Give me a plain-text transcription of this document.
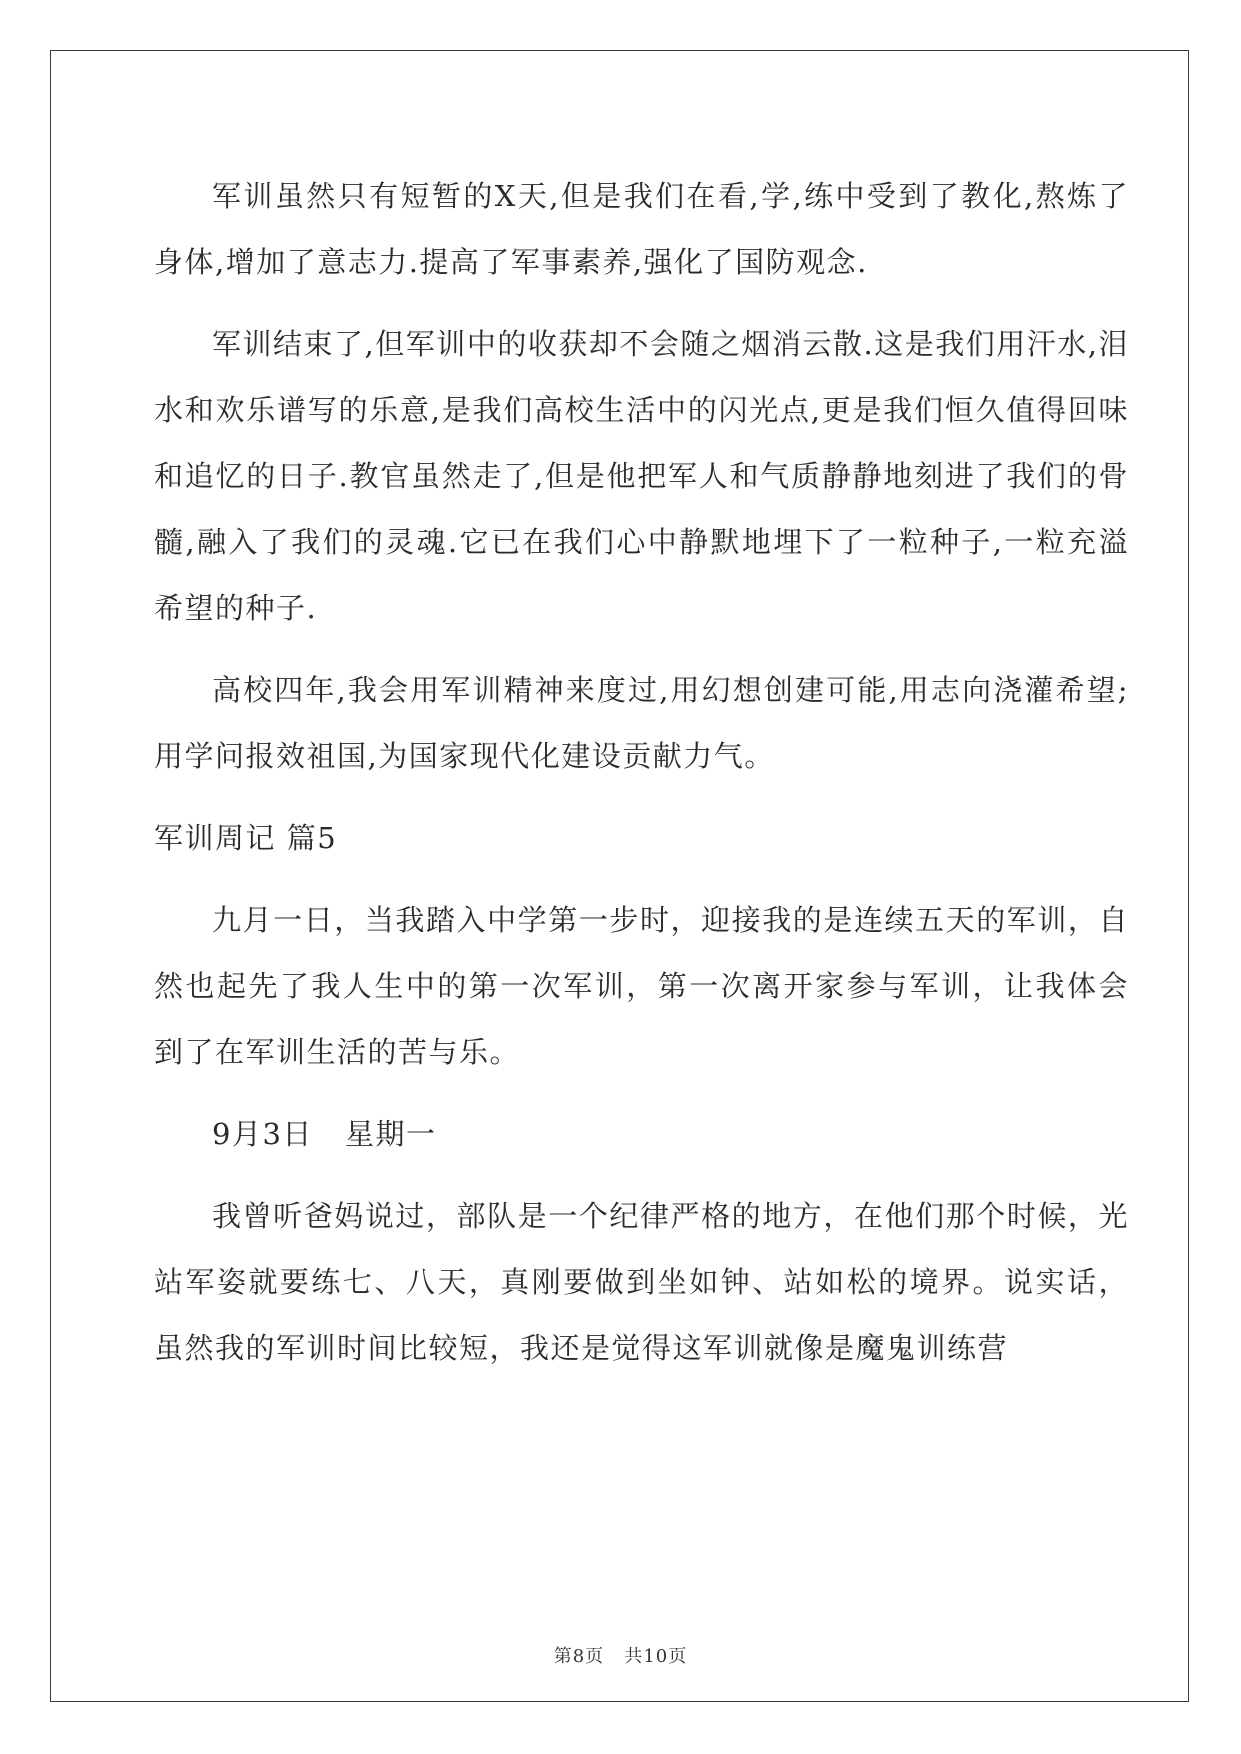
军训虽然只有短暂的X天,但是我们在看,学,练中受到了教化,熬炼了身体,增加了意志力.提高了军事素养,强化了国防观念.

军训结束了,但军训中的收获却不会随之烟消云散.这是我们用汗水,泪水和欢乐谱写的乐意,是我们高校生活中的闪光点,更是我们恒久值得回味和追忆的日子.教官虽然走了,但是他把军人和气质静静地刻进了我们的骨髓,融入了我们的灵魂.它已在我们心中静默地埋下了一粒种子,一粒充溢希望的种子.

高校四年,我会用军训精神来度过,用幻想创建可能,用志向浇灌希望;用学问报效祖国,为国家现代化建设贡献力气。

军训周记 篇5

九月一日，当我踏入中学第一步时，迎接我的是连续五天的军训，自然也起先了我人生中的第一次军训，第一次离开家参与军训，让我体会到了在军训生活的苦与乐。

9月3日   星期一

我曾听爸妈说过，部队是一个纪律严格的地方，在他们那个时候，光站军姿就要练七、八天，真刚要做到坐如钟、站如松的境界。说实话，虽然我的军训时间比较短，我还是觉得这军训就像是魔鬼训练营

第8页   共10页
